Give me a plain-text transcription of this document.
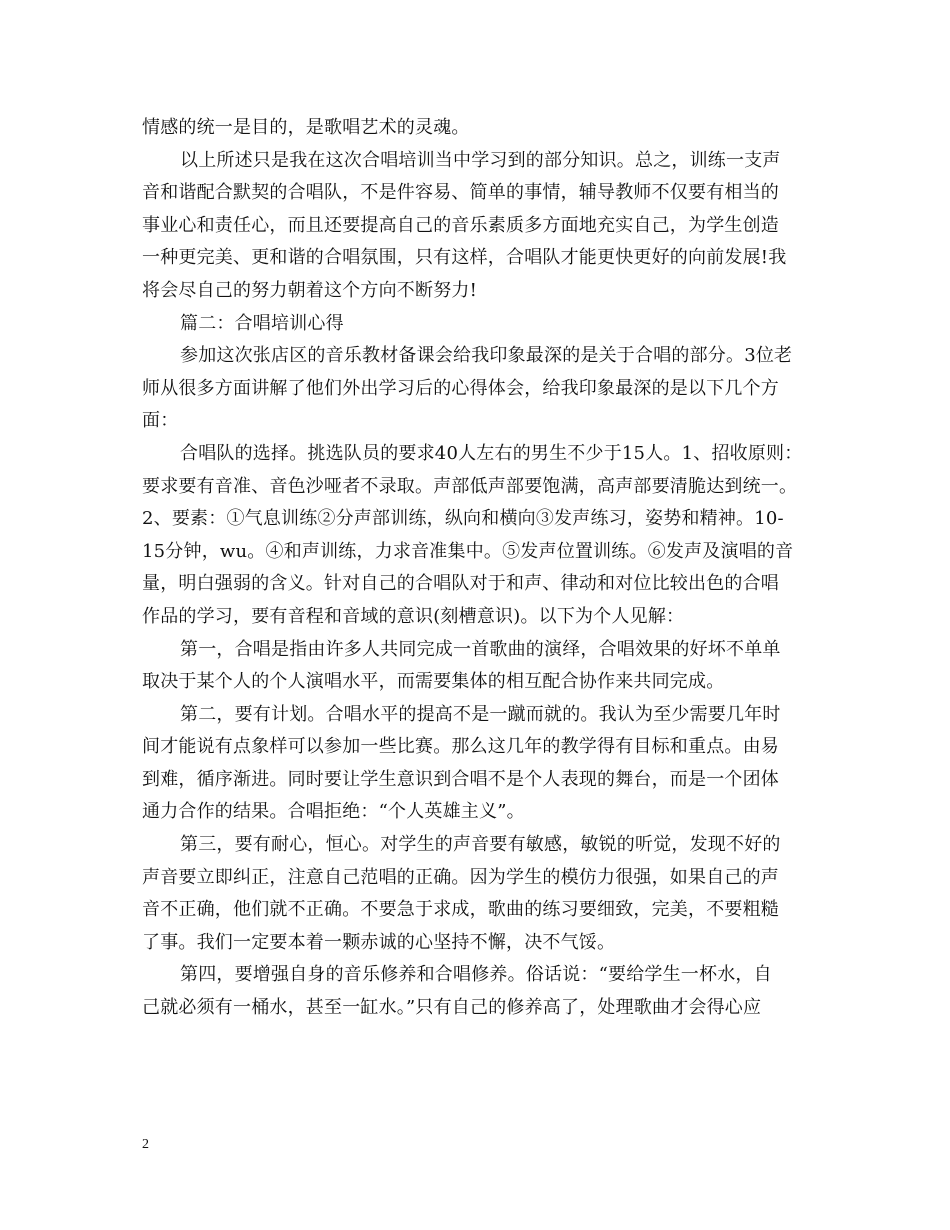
情感的统一是目的，是歌唱艺术的灵魂。
以上所述只是我在这次合唱培训当中学习到的部分知识。总之，训练一支声
音和谐配合默契的合唱队，不是件容易、简单的事情，辅导教师不仅要有相当的
事业心和责任心，而且还要提高自己的音乐素质多方面地充实自己，为学生创造
一种更完美、更和谐的合唱氛围，只有这样，合唱队才能更快更好的向前发展!我
将会尽自己的努力朝着这个方向不断努力!
篇二：合唱培训心得
参加这次张店区的音乐教材备课会给我印象最深的是关于合唱的部分。3位老
师从很多方面讲解了他们外出学习后的心得体会，给我印象最深的是以下几个方
面：
合唱队的选择。挑选队员的要求40人左右的男生不少于15人。1、招收原则：
要求要有音准、音色沙哑者不录取。声部低声部要饱满，高声部要清脆达到统一。
2、要素：①气息训练②分声部训练，纵向和横向③发声练习，姿势和精神。10-
15分钟，wu。④和声训练，力求音准集中。⑤发声位置训练。⑥发声及演唱的音
量，明白强弱的含义。针对自己的合唱队对于和声、律动和对位比较出色的合唱
作品的学习，要有音程和音域的意识(刻槽意识)。以下为个人见解：
第一，合唱是指由许多人共同完成一首歌曲的演绎，合唱效果的好坏不单单
取决于某个人的个人演唱水平，而需要集体的相互配合协作来共同完成。
第二，要有计划。合唱水平的提高不是一蹴而就的。我认为至少需要几年时
间才能说有点象样可以参加一些比赛。那么这几年的教学得有目标和重点。由易
到难，循序渐进。同时要让学生意识到合唱不是个人表现的舞台，而是一个团体
通力合作的结果。合唱拒绝：“个人英雄主义”。
第三，要有耐心，恒心。对学生的声音要有敏感，敏锐的听觉，发现不好的
声音要立即纠正，注意自己范唱的正确。因为学生的模仿力很强，如果自己的声
音不正确，他们就不正确。不要急于求成，歌曲的练习要细致，完美，不要粗糙
了事。我们一定要本着一颗赤诚的心坚持不懈，决不气馁。
第四，要增强自身的音乐修养和合唱修养。俗话说：“要给学生一杯水，自
己就必须有一桶水，甚至一缸水。”只有自己的修养高了，处理歌曲才会得心应
2
